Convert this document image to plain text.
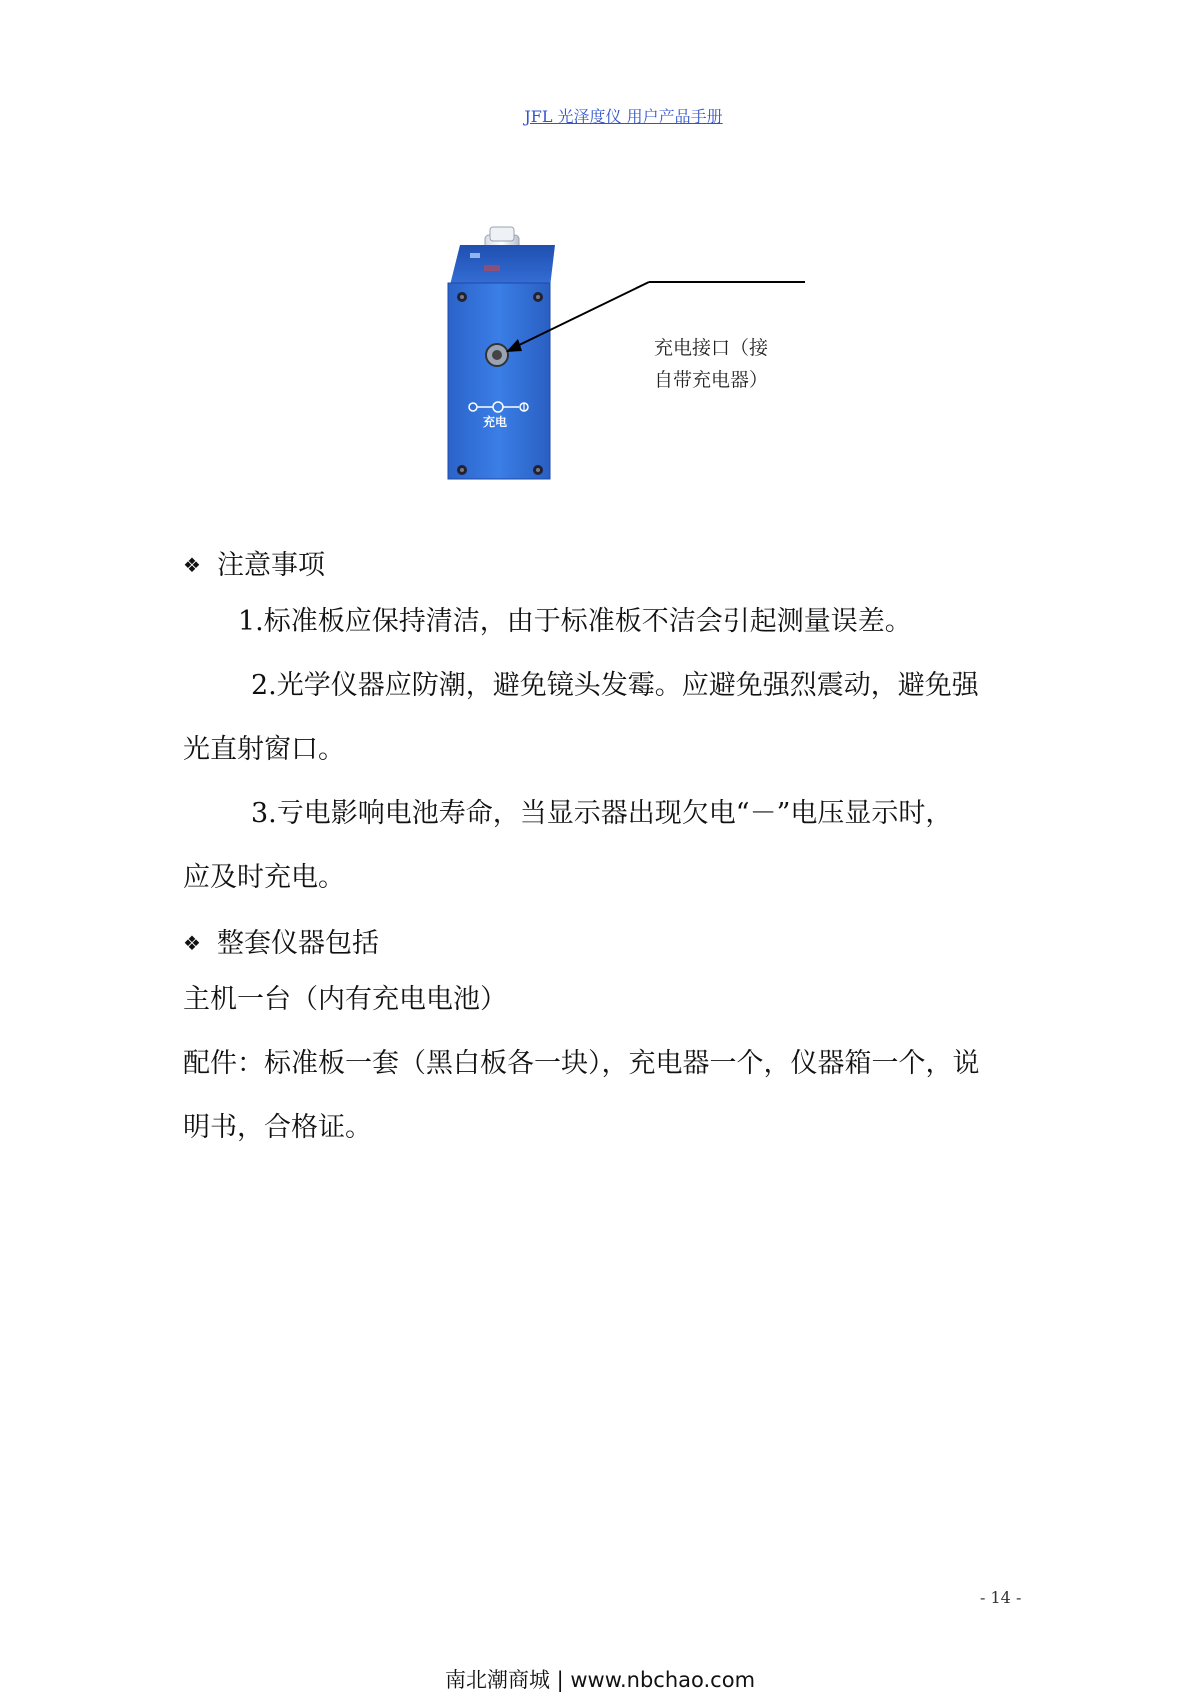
JFL 光泽度仪 用户产品手册
充电
充电接口（接
自带充电器）
❖ 注意事项
1.标准板应保持清洁，由于标准板不洁会引起测量误差。
2.光学仪器应防潮，避免镜头发霉。应避免强烈震动，避免强
光直射窗口。
3.亏电影响电池寿命，当显示器出现欠电“－”电压显示时，
应及时充电。
❖ 整套仪器包括
主机一台（内有充电电池）
配件：标准板一套（黑白板各一块），充电器一个，仪器箱一个，说
明书，合格证。
- 14 -
南北潮商城 | www.nbchao.com
